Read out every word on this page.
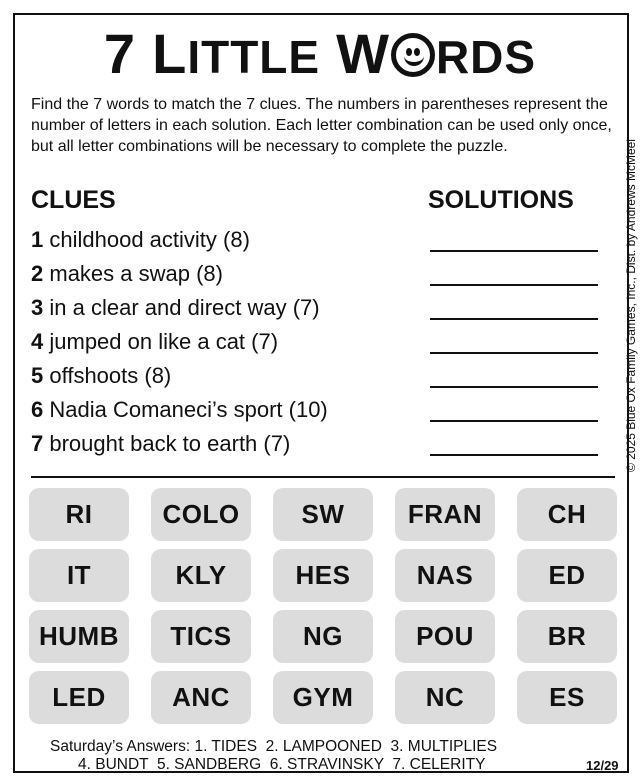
7 LITTLE W RDS
Find the 7 words to match the 7 clues. The numbers in parentheses represent the number of letters in each solution. Each letter combination can be used only once, but all letter combinations will be necessary to complete the puzzle.	© 2025 Blue Ox Family Games, Inc., Dist. by Andrews McMeel
CLUES	SOLUTIONS
1 childhood activity (8)
2 makes a swap (8)
3 in a clear and direct way (7)
4 jumped on like a cat (7)
5 offshoots (8)
6 Nadia Comaneci’s sport (10)
7 brought back to earth (7)
RI	COLO	SW	FRAN	CH
IT	KLY	HES	NAS	ED
HUMB	TICS	NG	POU	BR
LED	ANC	GYM	NC	ES
Saturday’s Answers: 1. TIDES  2. LAMPOONED  3. MULTIPLIES
4. BUNDT  5. SANDBERG  6. STRAVINSKY  7. CELERITY	12/29
